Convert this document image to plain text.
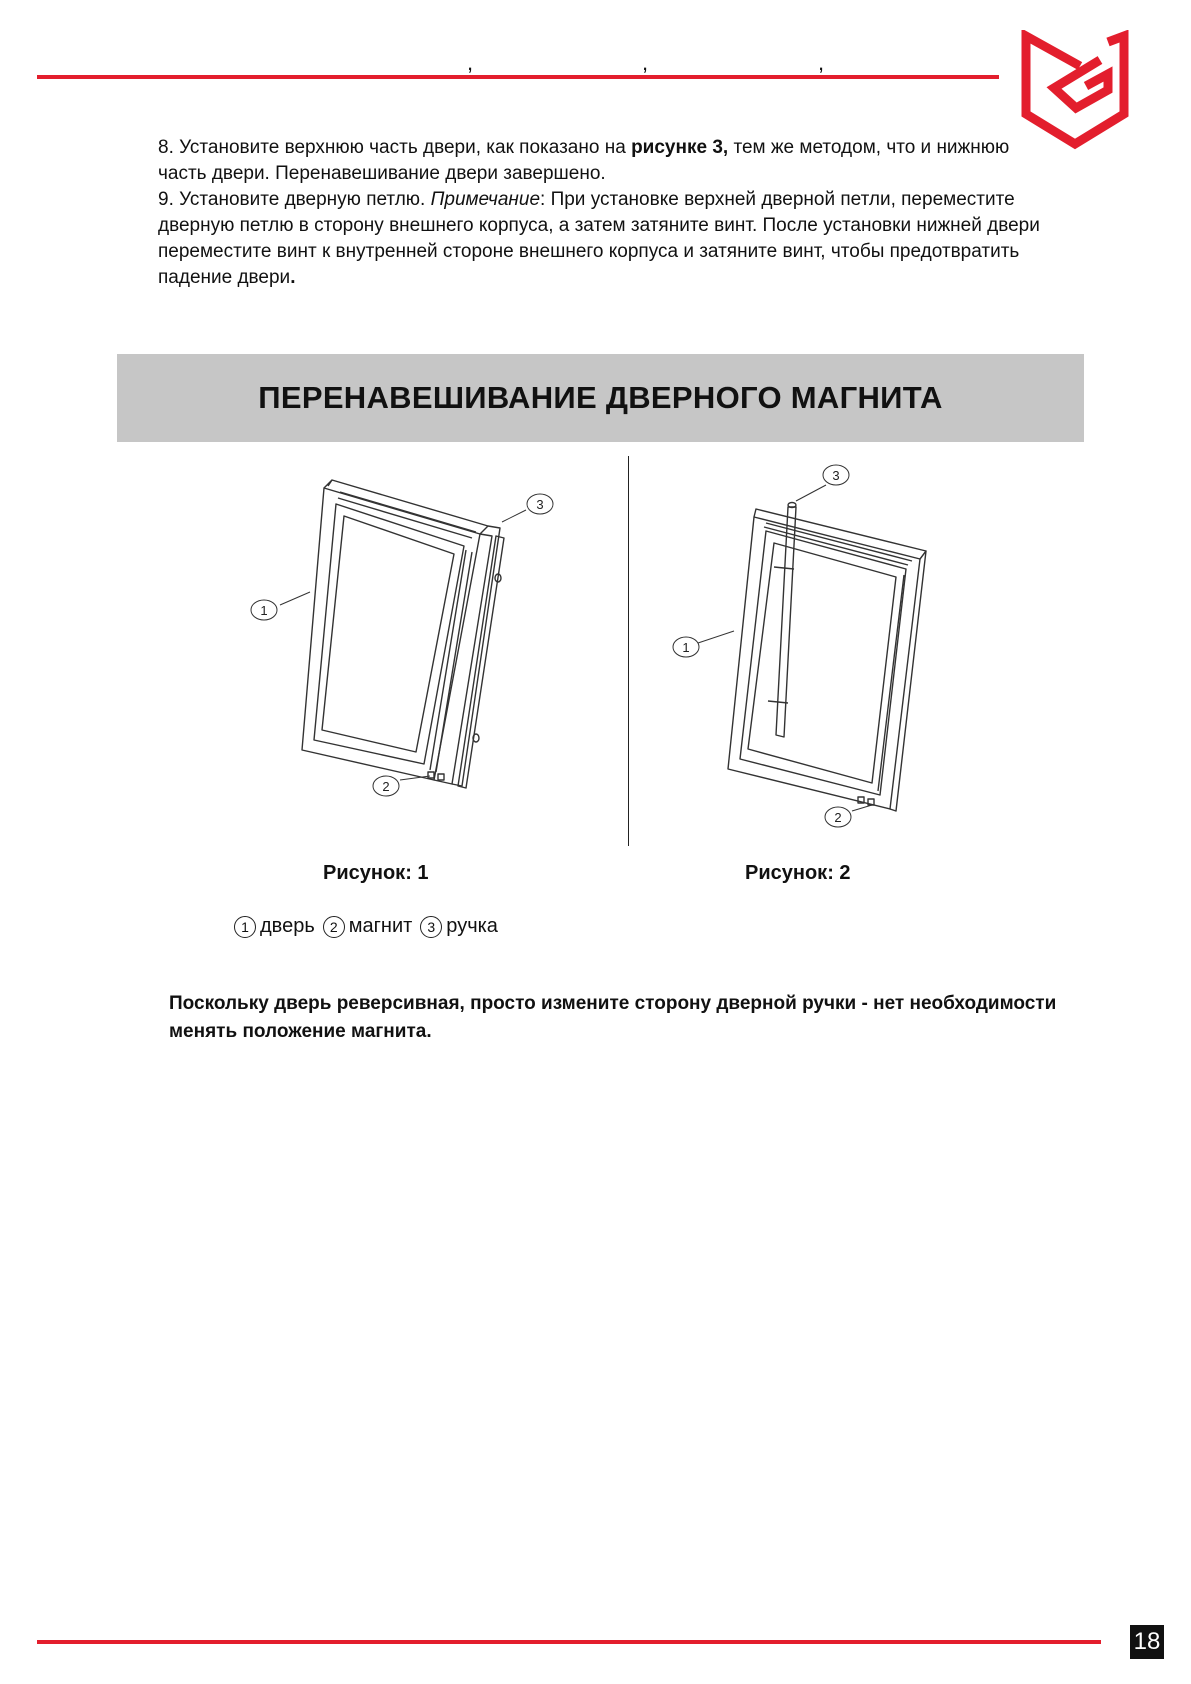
,	,	,

8. Установите верхнюю часть двери, как показано на рисунке 3, тем же методом, что и нижнюю часть двери. Перенавешивание двери завершено.

9. Установите дверную петлю. Примечание: При установке верхней дверной петли, переместите дверную петлю в сторону внешнего корпуса, а затем затяните винт. После установки нижней двери переместите винт к внутренней стороне внешнего корпуса и затяните винт, чтобы предотвратить падение двери.

ПЕРЕНАВЕШИВАНИЕ ДВЕРНОГО МАГНИТА
1
2
3
1
2
3
Рисунок: 1	Рисунок: 2
1 дверь	2 магнит	3 ручка
Поскольку дверь реверсивная, просто измените сторону дверной ручки - нет необходимости менять положение магнита.
18
